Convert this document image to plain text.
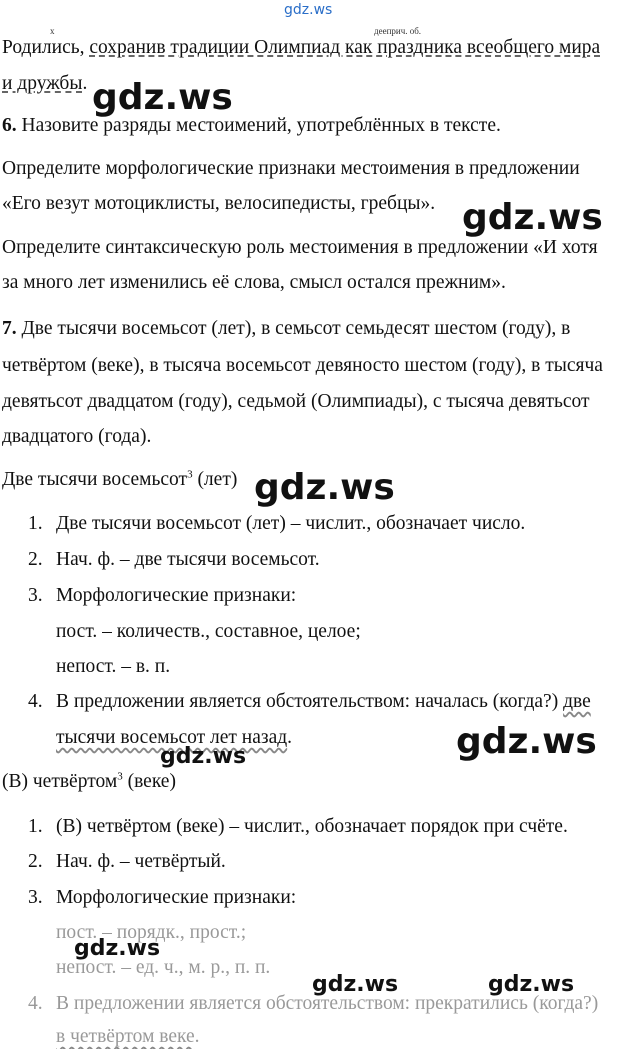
gdz.ws
х	дееприч. об.
Родились, сохранив традиции Олимпиад как праздника всеобщего мира
и дружбы. gdz.ws
6. Назовите разряды местоимений, употреблённых в тексте.
Определите морфологические признаки местоимения в предложении
«Его везут мотоциклисты, велосипедисты, гребцы». gdz.ws
Определите синтаксическую роль местоимения в предложении «И хотя
за много лет изменились её слова, смысл остался прежним».
7. Две тысячи восемьсот (лет), в семьсот семьдесят шестом (году), в
четвёртом (веке), в тысяча восемьсот девяносто шестом (году), в тысяча
девятьсот двадцатом (году), седьмой (Олимпиады), с тысяча девятьсот
двадцатого (года).
Две тысячи восемьсот$^3$ (лет) gdz.ws
1. Две тысячи восемьсот (лет) – числит., обозначает число.
2. Нач. ф. – две тысячи восемьсот.
3. Морфологические признаки:
пост. – количеств., составное, целое;
непост. – в. п.
4. В предложении является обстоятельством: началась (когда?) две
тысячи восемьсот лет назад.	gdz.ws
gdz.ws
(В) четвёртом$^3$ (веке)
1. (В) четвёртом (веке) – числит., обозначает порядок при счёте.
2. Нач. ф. – четвёртый.
3. Морфологические признаки:
пост. – порядк., прост.;
gdz.ws
непост. – ед. ч., м. р., п. п.
gdz.ws	gdz.ws
4. В предложении является обстоятельством: прекратились (когда?)
в четвёртом веке.
